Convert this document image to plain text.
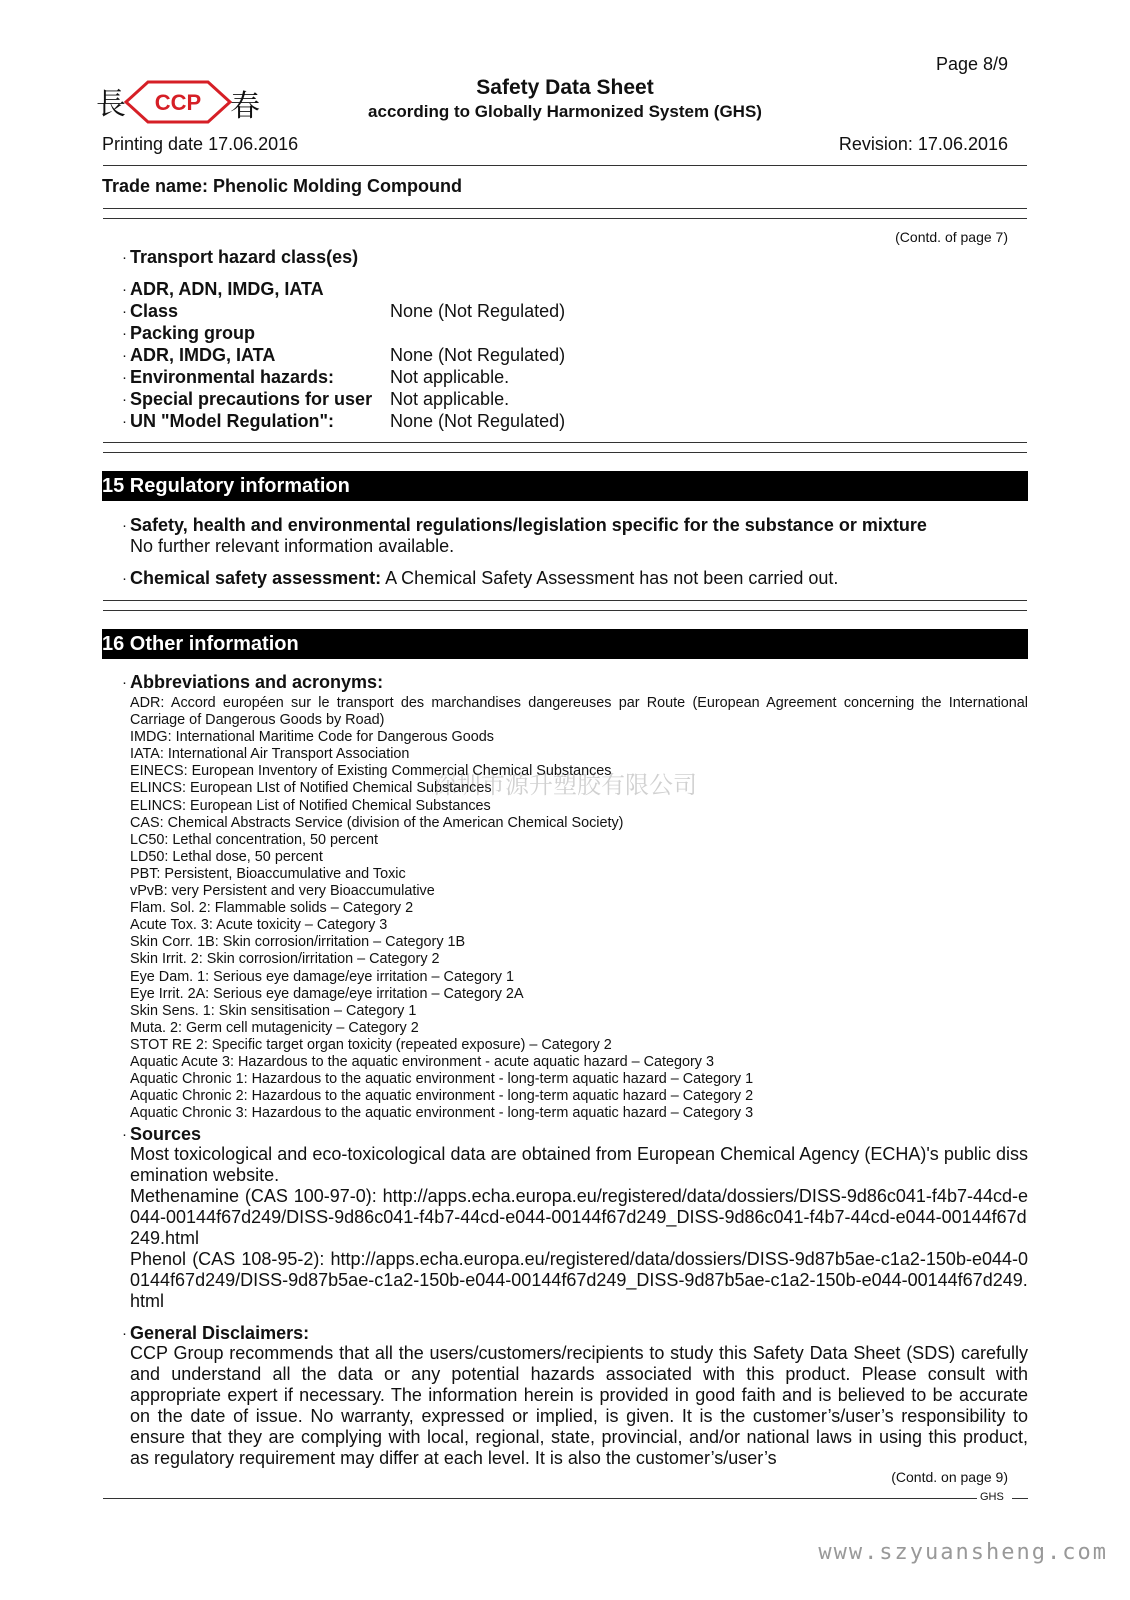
長 CCP 春
Page 8/9
Safety Data Sheet
according to Globally Harmonized System (GHS)
Printing date 17.06.2016	Revision: 17.06.2016
Trade name: Phenolic Molding Compound
(Contd. of page 7)
· Transport hazard class(es)
· ADR, ADN, IMDG, IATA
· Class	None (Not Regulated)
· Packing group
· ADR, IMDG, IATA	None (Not Regulated)
· Environmental hazards:	Not applicable.
· Special precautions for user Not applicable.
· UN "Model Regulation":	None (Not Regulated)
15 Regulatory information
· Safety, health and environmental regulations/legislation specific for the substance or mixture
No further relevant information available.
· Chemical safety assessment: A Chemical Safety Assessment has not been carried out.
16 Other information
· Abbreviations and acronyms:
ADR: Accord européen sur le transport des marchandises dangereuses par Route (European Agreement concerning the International Carriage of Dangerous Goods by Road)
IMDG: International Maritime Code for Dangerous Goods
IATA: International Air Transport Association
EINECS: European Inventory of Existing Commercial Chemical Substances
ELINCS: European LIst of Notified Chemical Substances
ELINCS: European List of Notified Chemical Substances
CAS: Chemical Abstracts Service (division of the American Chemical Society)
LC50: Lethal concentration, 50 percent
LD50: Lethal dose, 50 percent
PBT: Persistent, Bioaccumulative and Toxic
vPvB: very Persistent and very Bioaccumulative
Flam. Sol. 2: Flammable solids – Category 2
Acute Tox. 3: Acute toxicity – Category 3
Skin Corr. 1B: Skin corrosion/irritation – Category 1B
Skin Irrit. 2: Skin corrosion/irritation – Category 2
Eye Dam. 1: Serious eye damage/eye irritation – Category 1
Eye Irrit. 2A: Serious eye damage/eye irritation – Category 2A
Skin Sens. 1: Skin sensitisation – Category 1
Muta. 2: Germ cell mutagenicity – Category 2
STOT RE 2: Specific target organ toxicity (repeated exposure) – Category 2
Aquatic Acute 3: Hazardous to the aquatic environment - acute aquatic hazard – Category 3
Aquatic Chronic 1: Hazardous to the aquatic environment - long-term aquatic hazard – Category 1
Aquatic Chronic 2: Hazardous to the aquatic environment - long-term aquatic hazard – Category 2
Aquatic Chronic 3: Hazardous to the aquatic environment - long-term aquatic hazard – Category 3
· Sources

Most toxicological and eco-toxicological data are obtained from European Chemical Agency (ECHA)'s public dissemination website.

Methenamine (CAS 100-97-0): http://apps.echa.europa.eu/registered/data/dossiers/DISS-9d86c041-f4b7-44cd-e044-00144f67d249/DISS-9d86c041-f4b7-44cd-e044-00144f67d249_DISS-9d86c041-f4b7-44cd-e044-00144f67d249.html

Phenol (CAS 108-95-2): http://apps.echa.europa.eu/registered/data/dossiers/DISS-9d87b5ae-c1a2-150b-e044-00144f67d249/DISS-9d87b5ae-c1a2-150b-e044-00144f67d249_DISS-9d87b5ae-c1a2-150b-e044-00144f67d249.html

· General Disclaimers:
CCP Group recommends that all the users/customers/recipients to study this Safety Data Sheet (SDS) carefully and understand all the data or any potential hazards associated with this product. Please consult with appropriate expert if necessary. The information herein is provided in good faith and is believed to be accurate on the date of issue. No warranty, expressed or implied, is given. It is the customer’s/user’s responsibility to ensure that they are complying with local, regional, state, provincial, and/or national laws in using this product, as regulatory requirement may differ at each level. It is also the customer’s/user’s
(Contd. on page 9)
GHS
深圳市源升塑胶有限公司
www.szyuansheng.com
